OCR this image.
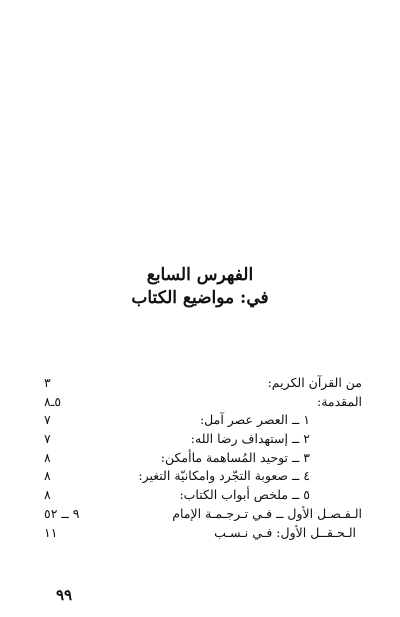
الفهرس السابع
في: مواضيع الكتاب
من القرآن الكريم:
٣
المقدمة:
٥ـ٨
١ ــ العصر عصر آمل:
٧
٢ ــ إستهداف رضا الله:
٧
٣ ــ توحيد المُساهمة ماأمكن:
٨
٤ ــ صعوبة التجّرد وامكانيّة التغير:
٨
٥ ــ ملخص أبواب الكتاب:
٨
الـفـصـل الأول ــ فـي تـرجـمـة الإمام
٩ ــ ٥٢
الـحـقــل الأول: فـي نـسـب
١١
٩٩
